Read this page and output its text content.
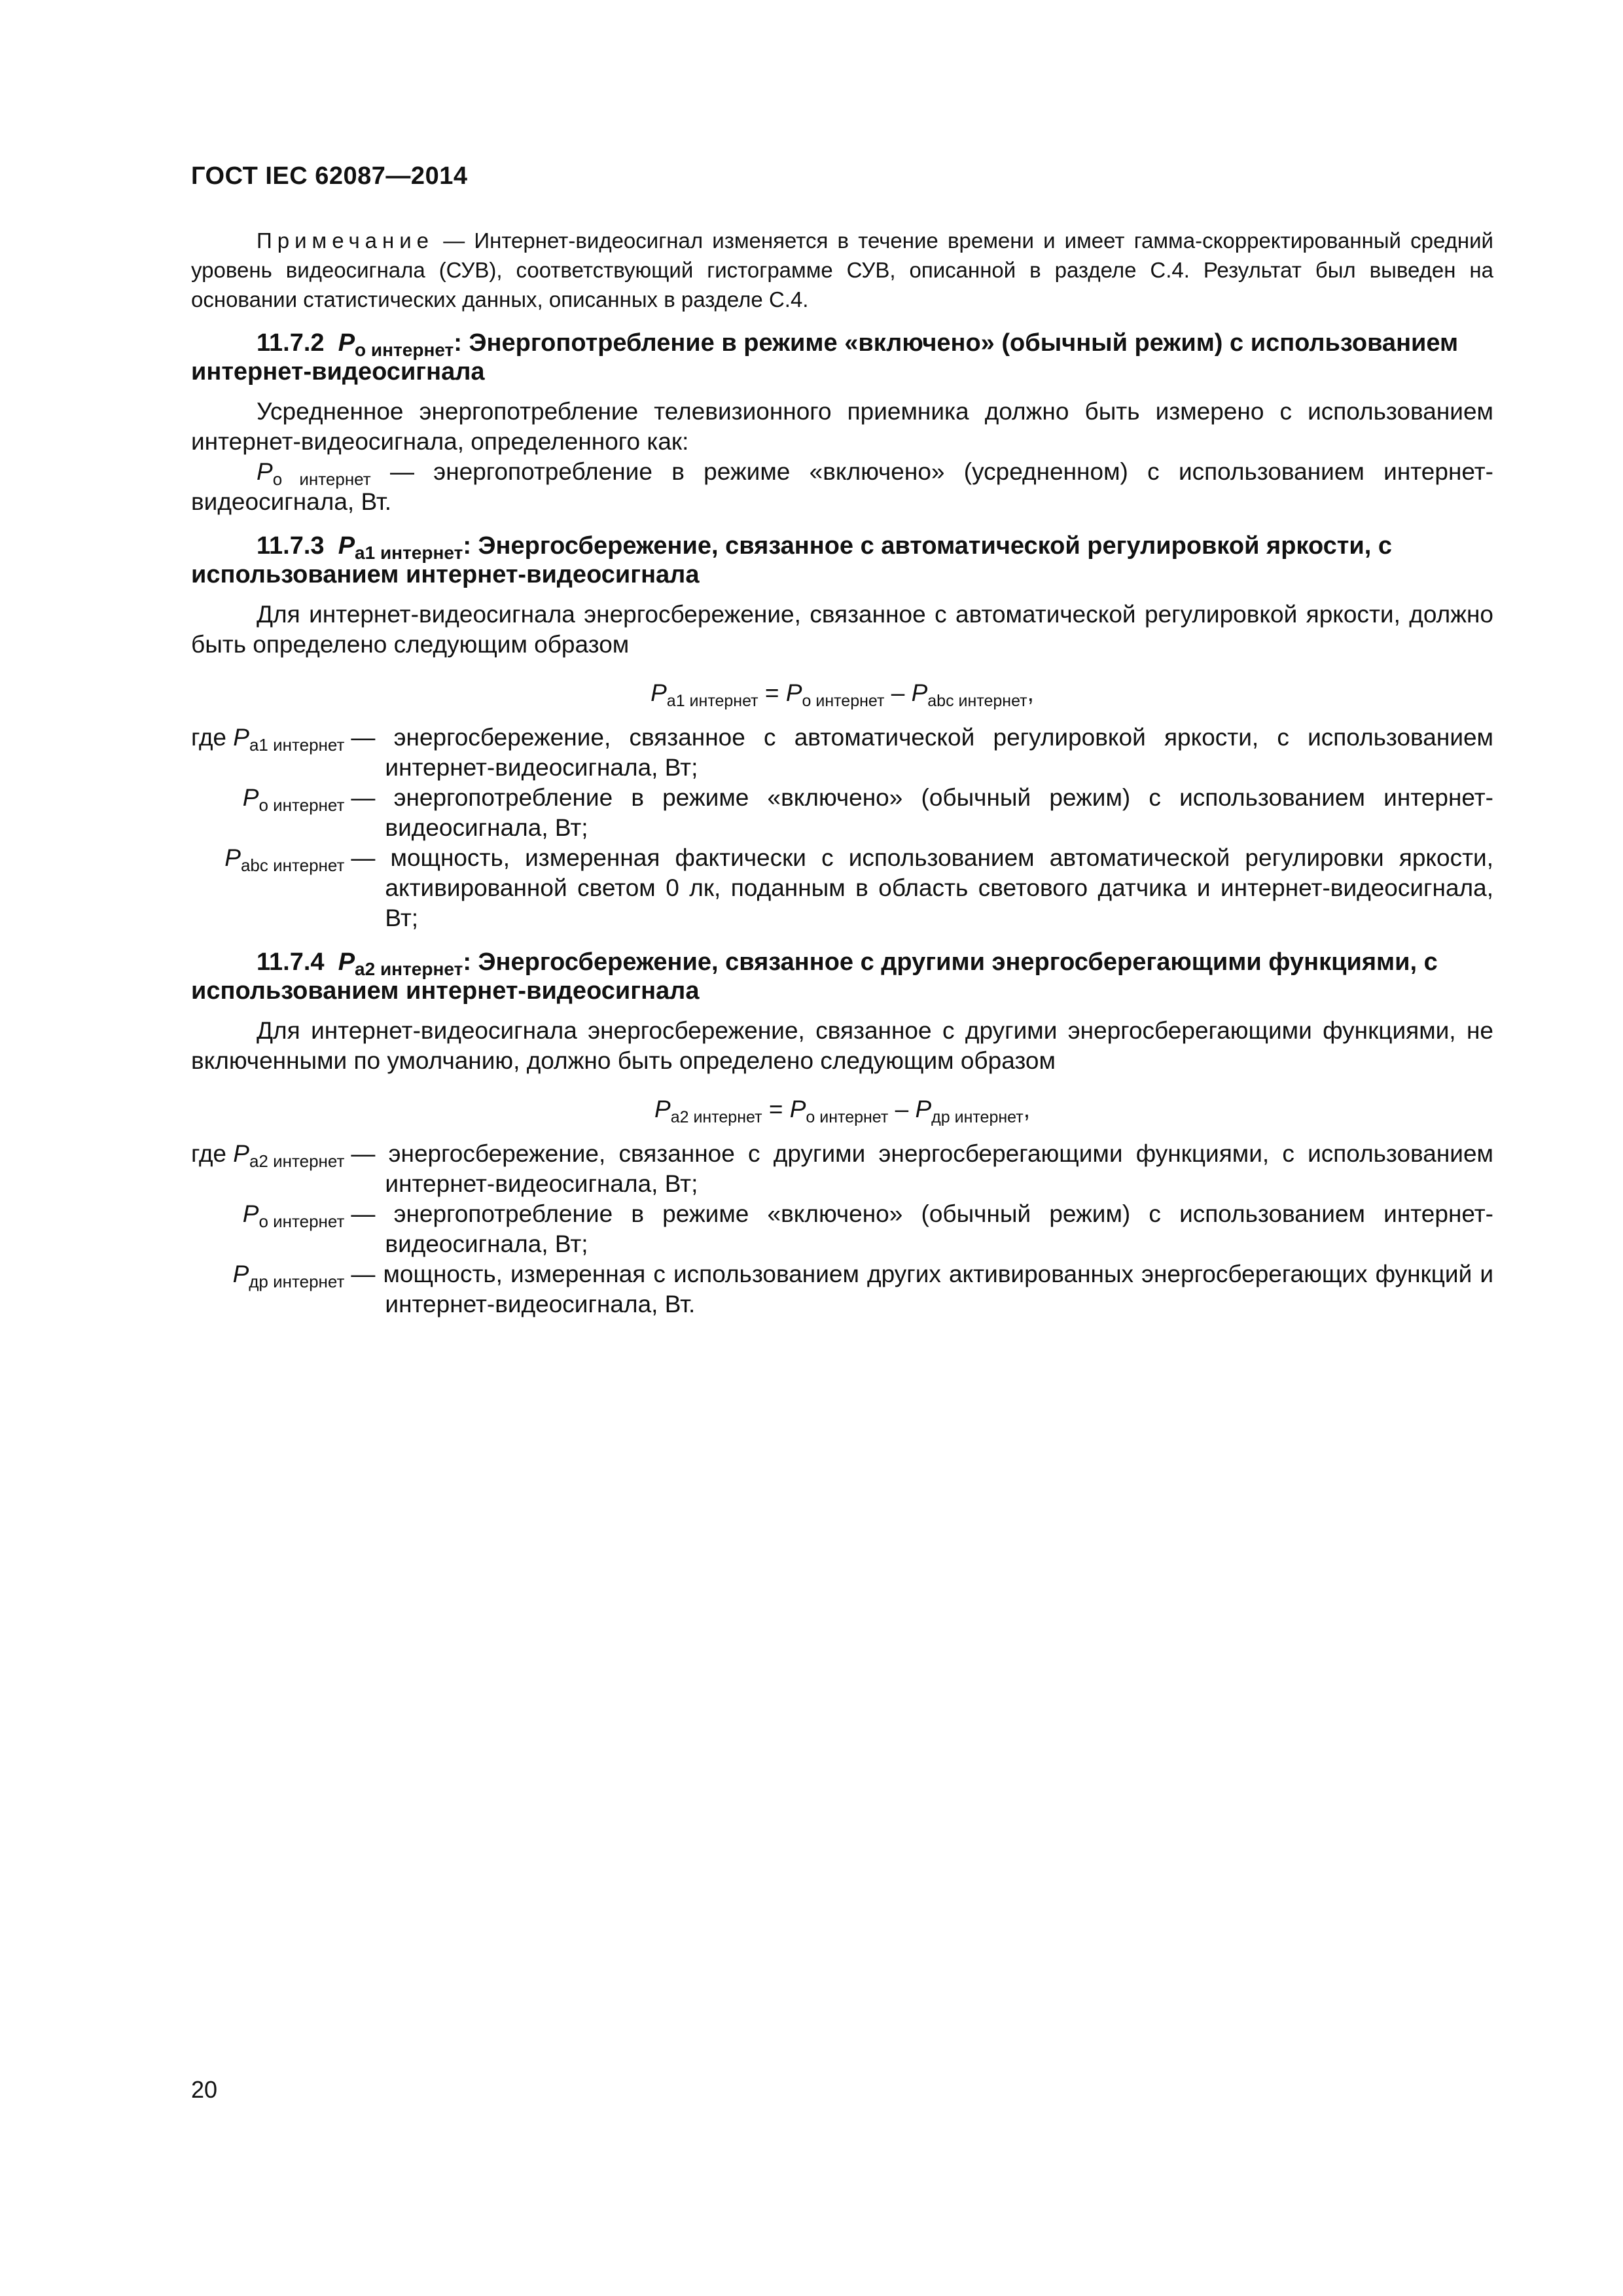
ГОСТ IEC 62087—2014

Примечание — Интернет-видеосигнал изменяется в течение времени и имеет гамма-скорректированный средний уровень видеосигнала (СУВ), соответствующий гистограмме СУВ, описанной в разделе С.4. Результат был выведен на основании статистических данных, описанных в разделе С.4.

11.7.2 $P_{о интернет}$: Энергопотребление в режиме «включено» (обычный режим) с использованием интернет-видеосигнала

Усредненное энергопотребление телевизионного приемника должно быть измерено с использованием интернет-видеосигнала, определенного как:

$P_{о интернет}$ — энергопотребление в режиме «включено» (усредненном) с использованием интернет-видеосигнала, Вт.

11.7.3 $P_{a1 интернет}$: Энергосбережение, связанное с автоматической регулировкой яркости, с использованием интернет-видеосигнала

Для интернет-видеосигнала энергосбережение, связанное с автоматической регулировкой яркости, должно быть определено следующим образом

$P_{a1 интернет} = P_{о интернет} - P_{abc интернет}$,
где $P_{a1 интернет}$	— энергосбережение, связанное с автоматической регулировкой яркости, с использованием интернет-видеосигнала, Вт;
$P_{о интернет}$	— энергопотребление в режиме «включено» (обычный режим) с использованием интернет-видеосигнала, Вт;
$P_{abc интернет}$	— мощность, измеренная фактически с использованием автоматической регулировки яркости, активированной светом 0 лк, поданным в область светового датчика и интернет-видеосигнала, Вт;

11.7.4 $P_{a2 интернет}$: Энергосбережение, связанное с другими энергосберегающими функциями, с использованием интернет-видеосигнала

Для интернет-видеосигнала энергосбережение, связанное с другими энергосберегающими функциями, не включенными по умолчанию, должно быть определено следующим образом

$P_{a2 интернет} = P_{о интернет} - P_{др интернет}$,
где $P_{a2 интернет}$	— энергосбережение, связанное с другими энергосберегающими функциями, с использованием интернет-видеосигнала, Вт;
$P_{о интернет}$	— энергопотребление в режиме «включено» (обычный режим) с использованием интернет-видеосигнала, Вт;
$P_{др интернет}$	— мощность, измеренная с использованием других активированных энергосберегающих функций и интернет-видеосигнала, Вт.
20
